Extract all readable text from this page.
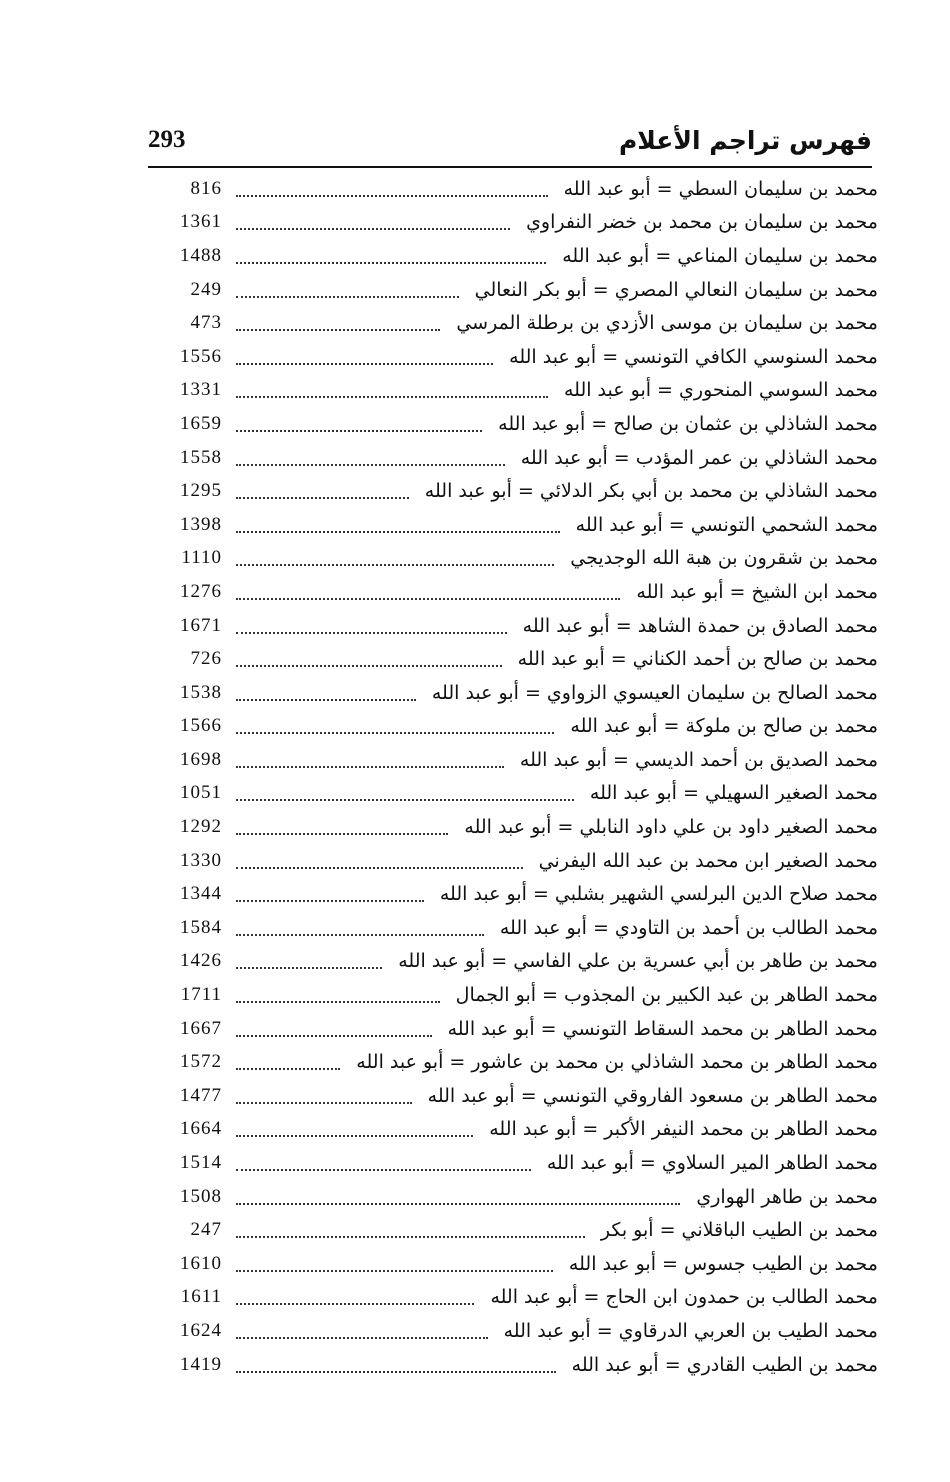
فهرس تراجم الأعلام
293
محمد بن سليمان السطي = أبو عبد الله
816
محمد بن سليمان بن محمد بن خضر النفراوي
1361
محمد بن سليمان المناعي = أبو عبد الله
1488
محمد بن سليمان النعالي المصري = أبو بكر النعالي
249
محمد بن سليمان بن موسى الأزدي بن برطلة المرسي
473
محمد السنوسي الكافي التونسي = أبو عبد الله
1556
محمد السوسي المنحوري = أبو عبد الله
1331
محمد الشاذلي بن عثمان بن صالح = أبو عبد الله
1659
محمد الشاذلي بن عمر المؤدب = أبو عبد الله
1558
محمد الشاذلي بن محمد بن أبي بكر الدلائي = أبو عبد الله
1295
محمد الشحمي التونسي = أبو عبد الله
1398
محمد بن شقرون بن هبة الله الوجديجي
1110
محمد ابن الشيخ = أبو عبد الله
1276
محمد الصادق بن حمدة الشاهد = أبو عبد الله
1671
محمد بن صالح بن أحمد الكناني = أبو عبد الله
726
محمد الصالح بن سليمان العيسوي الزواوي = أبو عبد الله
1538
محمد بن صالح بن ملوكة = أبو عبد الله
1566
محمد الصديق بن أحمد الديسي = أبو عبد الله
1698
محمد الصغير السهيلي = أبو عبد الله
1051
محمد الصغير داود بن علي داود النابلي = أبو عبد الله
1292
محمد الصغير ابن محمد بن عبد الله اليفرني
1330
محمد صلاح الدين البرلسي الشهير بشلبي = أبو عبد الله
1344
محمد الطالب بن أحمد بن التاودي = أبو عبد الله
1584
محمد بن طاهر بن أبي عسرية بن علي الفاسي = أبو عبد الله
1426
محمد الطاهر بن عبد الكبير بن المجذوب = أبو الجمال
1711
محمد الطاهر بن محمد السقاط التونسي = أبو عبد الله
1667
محمد الطاهر بن محمد الشاذلي بن محمد بن عاشور = أبو عبد الله
1572
محمد الطاهر بن مسعود الفاروقي التونسي = أبو عبد الله
1477
محمد الطاهر بن محمد النيفر الأكبر = أبو عبد الله
1664
محمد الطاهر المير السلاوي = أبو عبد الله
1514
محمد بن طاهر الهواري
1508
محمد بن الطيب الباقلاني = أبو بكر
247
محمد بن الطيب جسوس = أبو عبد الله
1610
محمد الطالب بن حمدون ابن الحاج = أبو عبد الله
1611
محمد الطيب بن العربي الدرقاوي = أبو عبد الله
1624
محمد بن الطيب القادري = أبو عبد الله
1419
